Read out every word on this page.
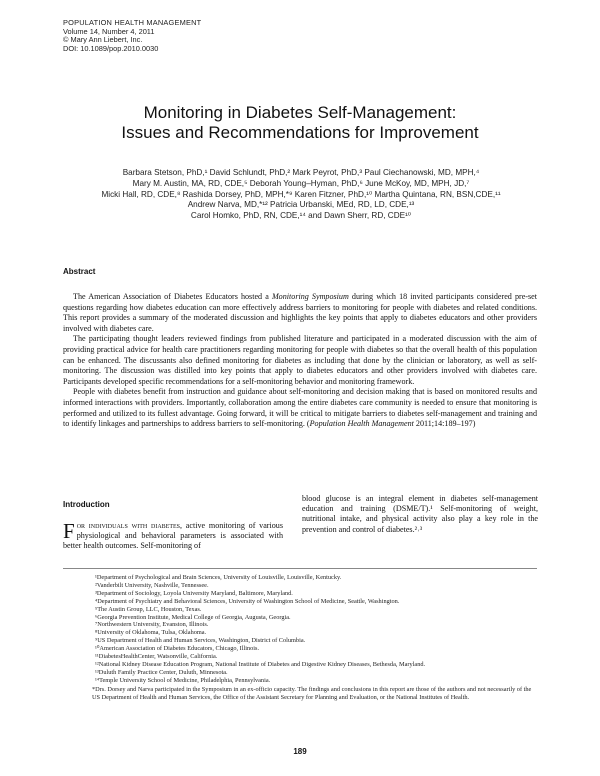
POPULATION HEALTH MANAGEMENT
Volume 14, Number 4, 2011
© Mary Ann Liebert, Inc.
DOI: 10.1089/pop.2010.0030
Monitoring in Diabetes Self-Management:
Issues and Recommendations for Improvement
Barbara Stetson, PhD,¹ David Schlundt, PhD,² Mark Peyrot, PhD,³ Paul Ciechanowski, MD, MPH,⁴
Mary M. Austin, MA, RD, CDE,⁵ Deborah Young–Hyman, PhD,⁶ June McKoy, MD, MPH, JD,⁷
Micki Hall, RD, CDE,⁸ Rashida Dorsey, PhD, MPH,*⁹ Karen Fitzner, PhD,¹⁰ Martha Quintana, RN, BSN,CDE,¹¹
Andrew Narva, MD,*¹² Patricia Urbanski, MEd, RD, LD, CDE,¹³
Carol Homko, PhD, RN, CDE,¹⁴ and Dawn Sherr, RD, CDE¹⁰
Abstract

The American Association of Diabetes Educators hosted a Monitoring Symposium during which 18 invited participants considered pre-set questions regarding how diabetes education can more effectively address barriers to monitoring for people with diabetes and related conditions. This report provides a summary of the moderated discussion and highlights the key points that apply to diabetes educators and other providers involved with diabetes care.

The participating thought leaders reviewed findings from published literature and participated in a moderated discussion with the aim of providing practical advice for health care practitioners regarding monitoring for people with diabetes so that the overall health of this population can be enhanced. The discussants also defined monitoring for diabetes as including that done by the clinician or laboratory, as well as self-monitoring. The discussion was distilled into key points that apply to diabetes educators and other providers involved with diabetes care. Participants developed specific recommendations for a self-monitoring behavior and monitoring framework.

People with diabetes benefit from instruction and guidance about self-monitoring and decision making that is based on monitored results and informed interactions with providers. Importantly, collaboration among the entire diabetes care community is needed to ensure that monitoring is performed and utilized to its fullest advantage. Going forward, it will be critical to mitigate barriers to diabetes self-management and training and to identify linkages and partnerships to address barriers to self-monitoring. (Population Health Management 2011;14:189–197)

Introduction

For individuals with diabetes, active monitoring of various physiological and behavioral parameters is associated with better health outcomes. Self-monitoring of

blood glucose is an integral element in diabetes self-management education and training (DSME/T).¹ Self-monitoring of weight, nutritional intake, and physical activity also play a key role in the prevention and control of diabetes.²˒³

¹Department of Psychological and Brain Sciences, University of Louisville, Louisville, Kentucky.
²Vanderbilt University, Nashville, Tennessee.
³Department of Sociology, Loyola University Maryland, Baltimore, Maryland.
⁴Department of Psychiatry and Behavioral Sciences, University of Washington School of Medicine, Seattle, Washington.
⁵The Austin Group, LLC, Houston, Texas.
⁶Georgia Prevention Institute, Medical College of Georgia, Augusta, Georgia.
⁷Northwestern University, Evanston, Illinois.
⁸University of Oklahoma, Tulsa, Oklahoma.
⁹US Department of Health and Human Services, Washington, District of Columbia.
¹⁰American Association of Diabetes Educators, Chicago, Illinois.
¹¹DiabetesHealthCenter, Watsonville, California.
¹²National Kidney Disease Education Program, National Institute of Diabetes and Digestive Kidney Diseases, Bethesda, Maryland.
¹³Duluth Family Practice Center, Duluth, Minnesota.
¹⁴Temple University School of Medicine, Philadelphia, Pennsylvania.
*Drs. Dorsey and Narva participated in the Symposium in an ex-officio capacity. The findings and conclusions in this report are those of the authors and not necessarily of the US Department of Health and Human Services, the Office of the Assistant Secretary for Planning and Evaluation, or the National Institutes of Health.
189
